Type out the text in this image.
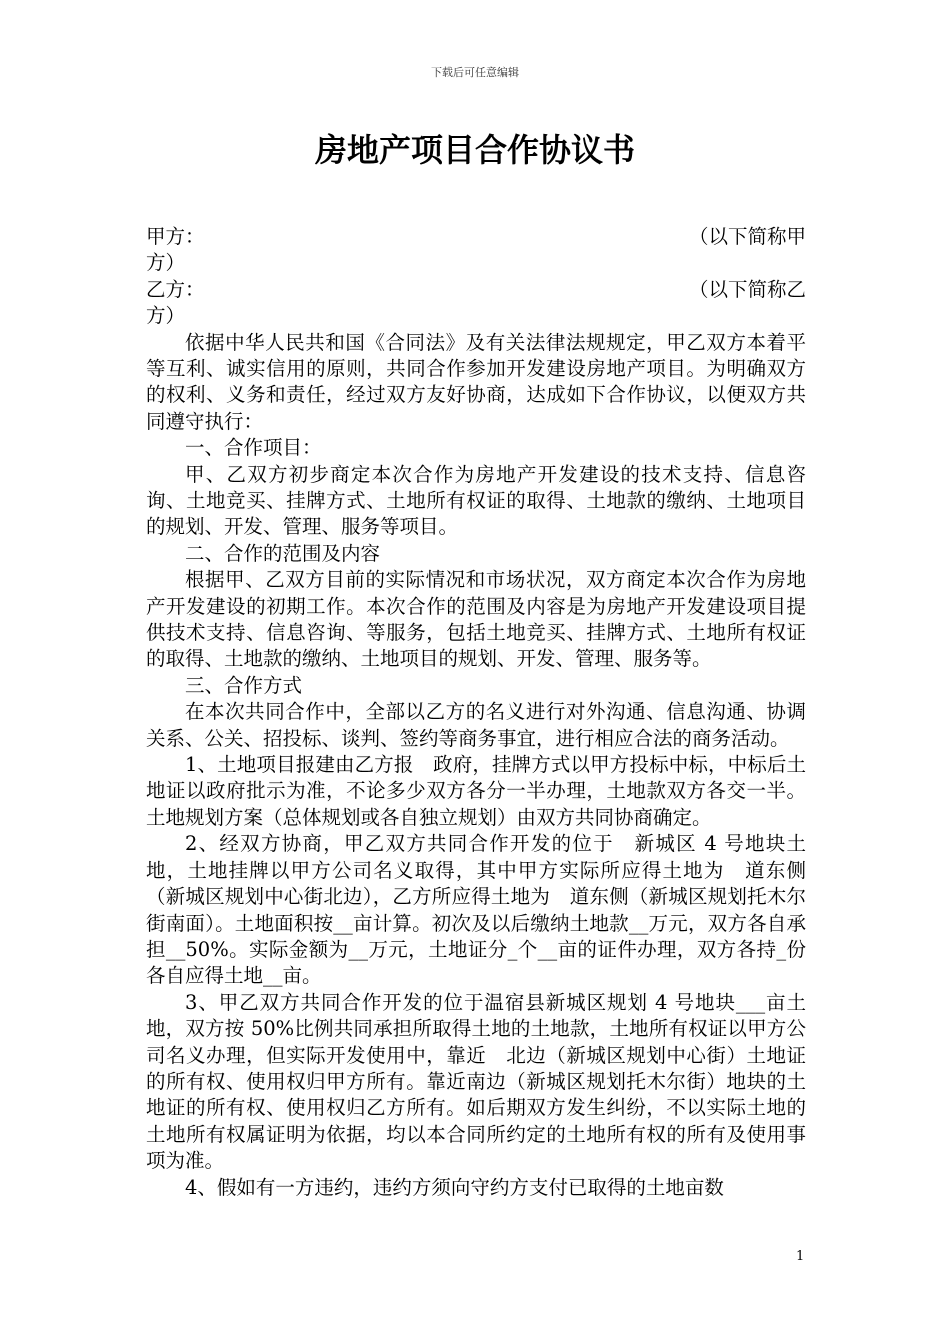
下载后可任意编辑
房地产项目合作协议书
甲方：	（以下简称甲
方）
乙方：	（以下简称乙
方）

依据中华人民共和国《合同法》及有关法律法规规定，甲乙双方本着平等互利、诚实信用的原则，共同合作参加开发建设房地产项目。为明确双方的权利、义务和责任，经过双方友好协商，达成如下合作协议，以便双方共同遵守执行：

一、合作项目：

甲、乙双方初步商定本次合作为房地产开发建设的技术支持、信息咨询、土地竞买、挂牌方式、土地所有权证的取得、土地款的缴纳、土地项目的规划、开发、管理、服务等项目。

二、合作的范围及内容

根据甲、乙双方目前的实际情况和市场状况，双方商定本次合作为房地产开发建设的初期工作。本次合作的范围及内容是为房地产开发建设项目提供技术支持、信息咨询、等服务，包括土地竞买、挂牌方式、土地所有权证的取得、土地款的缴纳、土地项目的规划、开发、管理、服务等。

三、合作方式

在本次共同合作中，全部以乙方的名义进行对外沟通、信息沟通、协调关系、公关、招投标、谈判、签约等商务事宜，进行相应合法的商务活动。

1、土地项目报建由乙方报　政府，挂牌方式以甲方投标中标，中标后土地证以政府批示为准，不论多少双方各分一半办理，土地款双方各交一半。土地规划方案（总体规划或各自独立规划）由双方共同协商确定。

2、经双方协商，甲乙双方共同合作开发的位于　新城区 4 号地块土地，土地挂牌以甲方公司名义取得，其中甲方实际所应得土地为　道东侧（新城区规划中心街北边），乙方所应得土地为　道东侧（新城区规划托木尔街南面）。土地面积按__亩计算。初次及以后缴纳土地款__万元，双方各自承担__50%。实际金额为__万元，土地证分_个__亩的证件办理，双方各持_份各自应得土地__亩。

3、甲乙双方共同合作开发的位于温宿县新城区规划 4 号地块___亩土地，双方按 50%比例共同承担所取得土地的土地款，土地所有权证以甲方公司名义办理，但实际开发使用中，靠近　北边（新城区规划中心街）土地证的所有权、使用权归甲方所有。靠近南边（新城区规划托木尔街）地块的土地证的所有权、使用权归乙方所有。如后期双方发生纠纷，不以实际土地的土地所有权属证明为依据，均以本合同所约定的土地所有权的所有及使用事项为准。

4、假如有一方违约，违约方须向守约方支付已取得的土地亩数

1
